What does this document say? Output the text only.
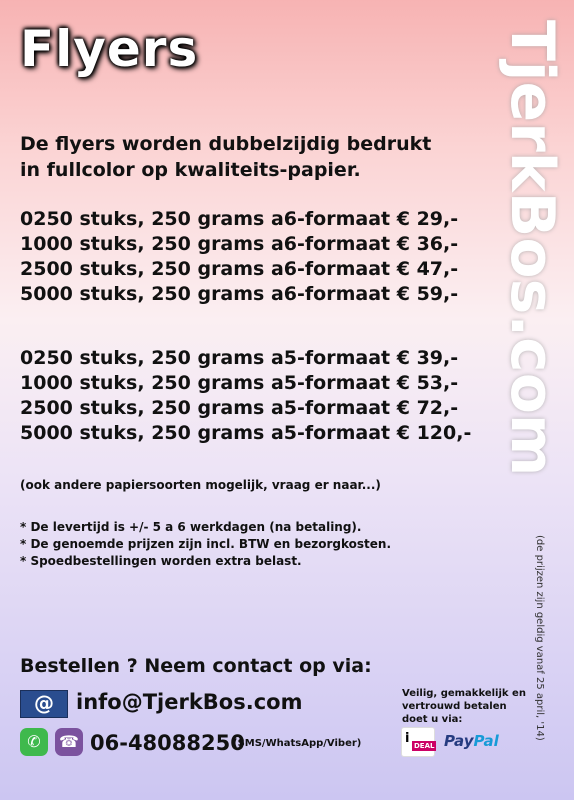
Flyers	TjerkBos.com
(de prijzen zijn geldig vanaf 25 april, '14)
De flyers worden dubbelzijdig bedrukt
in fullcolor op kwaliteits-papier.
0250 stuks, 250 grams a6-formaat € 29,-
1000 stuks, 250 grams a6-formaat € 36,-
2500 stuks, 250 grams a6-formaat € 47,-
5000 stuks, 250 grams a6-formaat € 59,-
0250 stuks, 250 grams a5-formaat € 39,-
1000 stuks, 250 grams a5-formaat € 53,-
2500 stuks, 250 grams a5-formaat € 72,-
5000 stuks, 250 grams a5-formaat € 120,-
(ook andere papiersoorten mogelijk, vraag er naar...)
* De levertijd is +/- 5 a 6 werkdagen (na betaling).
* De genoemde prijzen zijn incl. BTW en bezorgkosten.
* Spoedbestellingen worden extra belast.
Bestellen ? Neem contact op via:
@	info@TjerkBos.com
✆	☎ 06-48088250
(SMS/WhatsApp/Viber)
Veilig, gemakkelijk en
vertrouwd betalen
doet u via:
i DEAL PayPal
